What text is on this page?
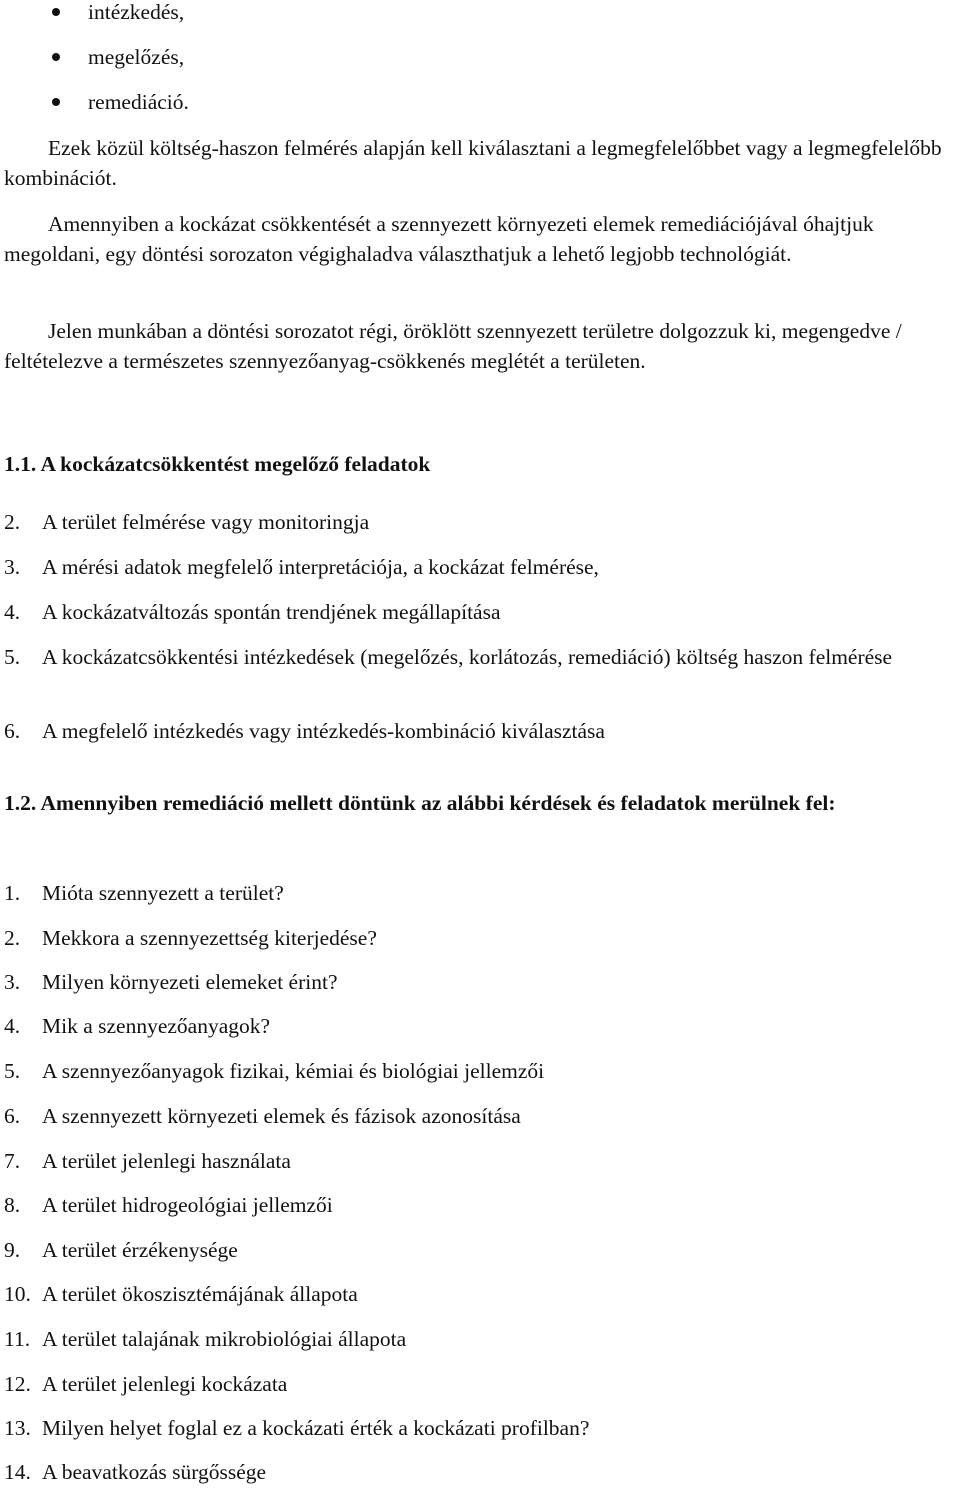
intézkedés,
megelőzés,
remediáció.

Ezek közül költség-haszon felmérés alapján kell kiválasztani a legmegfelelőbbet vagy a legmegfelelőbb kombinációt.

Amennyiben a kockázat csökkentését a szennyezett környezeti elemek remediációjával óhajtjuk megoldani, egy döntési sorozaton végighaladva választhatjuk a lehető legjobb technológiát.

Jelen munkában a döntési sorozatot régi, öröklött szennyezett területre dolgozzuk ki, megengedve / feltételezve a természetes szennyezőanyag-csökkenés meglétét a területen.

1.1. A kockázatcsökkentést megelőző feladatok
2. A terület felmérése vagy monitoringja
3. A mérési adatok megfelelő interpretációja, a kockázat felmérése,
4. A kockázatváltozás spontán trendjének megállapítása
5. A kockázatcsökkentési intézkedések (megelőzés, korlátozás, remediáció) költség haszon felmérése
6. A megfelelő intézkedés vagy intézkedés-kombináció kiválasztása
1.2. Amennyiben remediáció mellett döntünk az alábbi kérdések és feladatok merülnek fel:
1. Mióta szennyezett a terület?
2. Mekkora a szennyezettség kiterjedése?
3. Milyen környezeti elemeket érint?
4. Mik a szennyezőanyagok?
5. A szennyezőanyagok fizikai, kémiai és biológiai jellemzői
6. A szennyezett környezeti elemek és fázisok azonosítása
7. A terület jelenlegi használata
8. A terület hidrogeológiai jellemzői
9. A terület érzékenysége
10. A terület ökoszisztémájának állapota
11. A terület talajának mikrobiológiai állapota
12. A terület jelenlegi kockázata
13. Milyen helyet foglal ez a kockázati érték a kockázati profilban?
14. A beavatkozás sürgőssége
